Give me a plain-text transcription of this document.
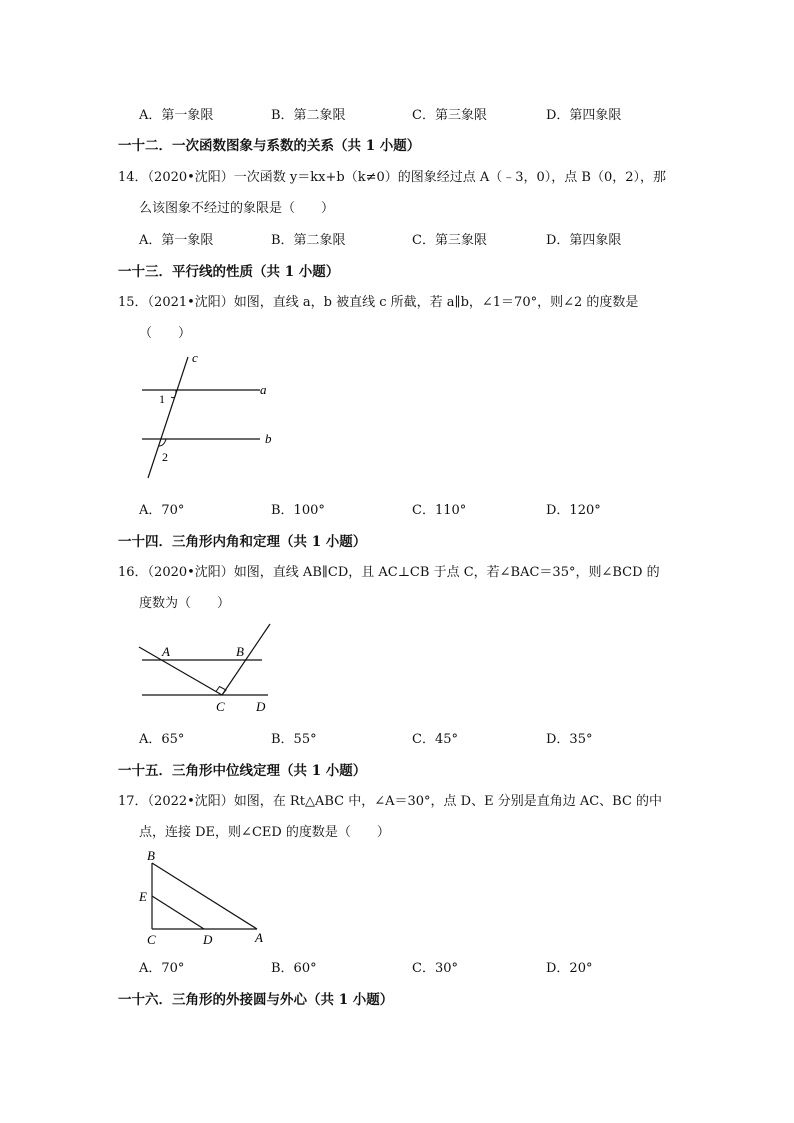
A．第一象限	B．第二象限	C．第三象限	D．第四象限
一十二．一次函数图象与系数的关系（共 1 小题）
14．（2020•沈阳）一次函数 y＝kx+b（k≠0）的图象经过点 A（﹣3，0），点 B（0，2），那
么该图象不经过的象限是（　　）
A．第一象限	B．第二象限	C．第三象限	D．第四象限
一十三．平行线的性质（共 1 小题）
15．（2021•沈阳）如图，直线 a，b 被直线 c 所截，若 a∥b，∠1＝70°，则∠2 的度数是
（　　）
c
a
b
1
2
A．70°	B．100°	C．110°	D．120°
一十四．三角形内角和定理（共 1 小题）
16．（2020•沈阳）如图，直线 AB∥CD，且 AC⊥CB 于点 C，若∠BAC＝35°，则∠BCD 的
度数为（　　）
A	B
C D
A．65°	B．55°	C．45°	D．35°
一十五．三角形中位线定理（共 1 小题）
17．（2022•沈阳）如图，在 Rt△ABC 中，∠A＝30°，点 D、E 分别是直角边 AC、BC 的中
点，连接 DE，则∠CED 的度数是（　　）
B
E
C	D	A
A．70°	B．60°	C．30°	D．20°
一十六．三角形的外接圆与外心（共 1 小题）
